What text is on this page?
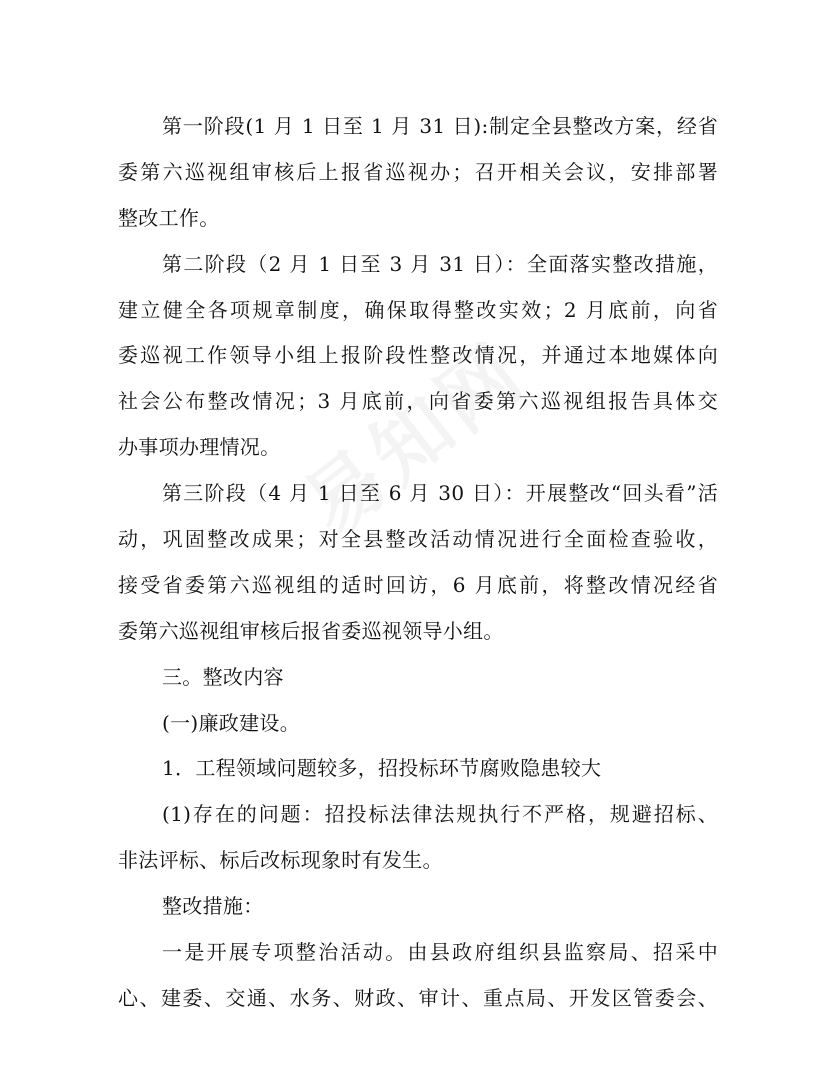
第一阶段(1 月 1 日至 1 月 31 日):制定全县整改方案，经省
委第六巡视组审核后上报省巡视办；召开相关会议，安排部署
整改工作。
第二阶段（2 月 1 日至 3 月 31 日）：全面落实整改措施，
建立健全各项规章制度，确保取得整改实效；2 月底前，向省
委巡视工作领导小组上报阶段性整改情况，并通过本地媒体向
社会公布整改情况；3 月底前，向省委第六巡视组报告具体交
办事项办理情况。
第三阶段（4 月 1 日至 6 月 30 日）：开展整改“回头看”活
动，巩固整改成果；对全县整改活动情况进行全面检查验收，
接受省委第六巡视组的适时回访，6 月底前，将整改情况经省
委第六巡视组审核后报省委巡视领导小组。
三。整改内容
(一)廉政建设。
1．工程领域问题较多，招投标环节腐败隐患较大
(1)存在的问题：招投标法律法规执行不严格，规避招标、
非法评标、标后改标现象时有发生。
整改措施：
一是开展专项整治活动。由县政府组织县监察局、招采中
心、建委、交通、水务、财政、审计、重点局、开发区管委会、
